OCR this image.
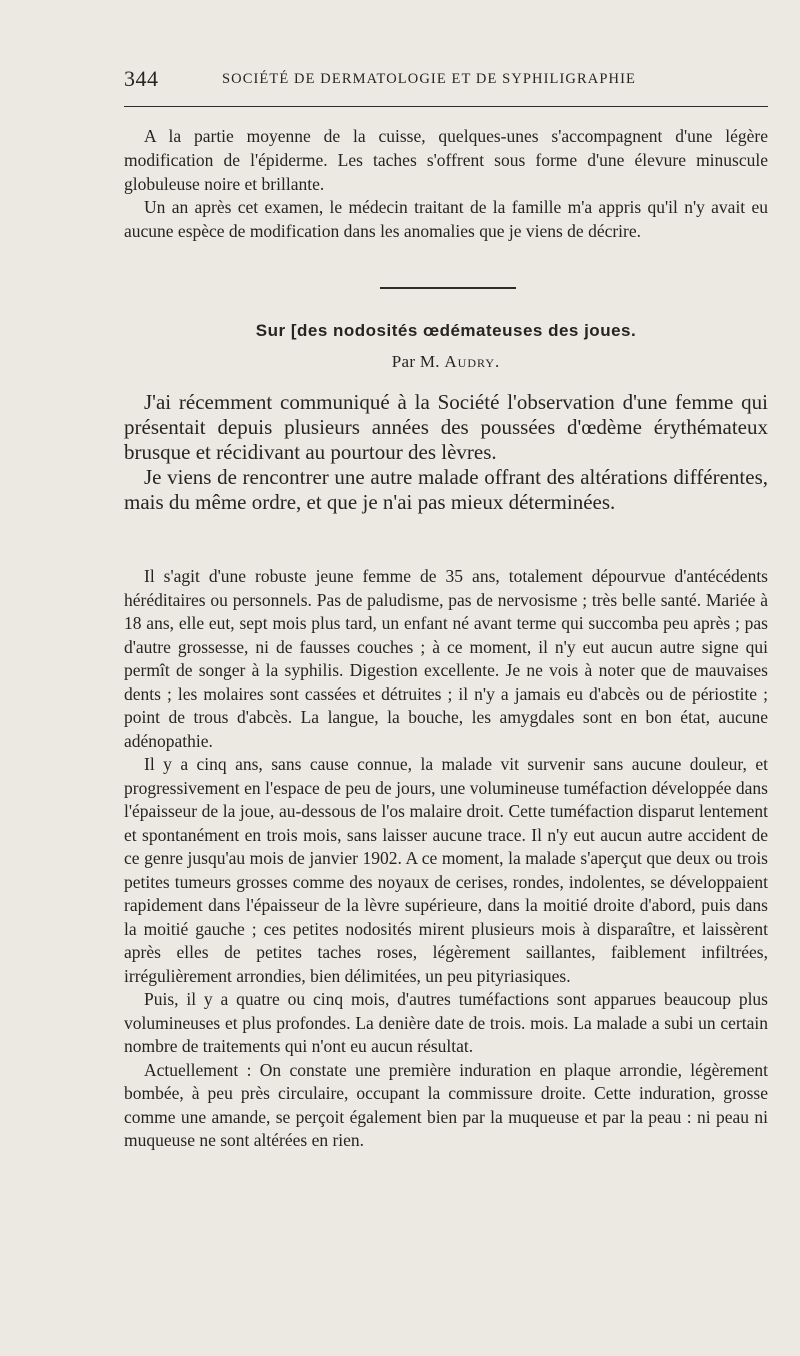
344	SOCIÉTÉ DE DERMATOLOGIE ET DE SYPHILIGRAPHIE

A la partie moyenne de la cuisse, quelques-unes s'accompagnent d'une légère modification de l'épiderme. Les taches s'offrent sous forme d'une élevure minuscule globuleuse noire et brillante.

Un an après cet examen, le médecin traitant de la famille m'a appris qu'il n'y avait eu aucune espèce de modification dans les anomalies que je viens de décrire.

Sur [des nodosités œdémateuses des joues.
Par M. Audry.

J'ai récemment communiqué à la Société l'observation d'une femme qui présentait depuis plusieurs années des poussées d'œdème érythémateux brusque et récidivant au pourtour des lèvres.

Je viens de rencontrer une autre malade offrant des altérations différentes, mais du même ordre, et que je n'ai pas mieux déterminées.

Il s'agit d'une robuste jeune femme de 35 ans, totalement dépourvue d'antécédents héréditaires ou personnels. Pas de paludisme, pas de nervosisme ; très belle santé. Mariée à 18 ans, elle eut, sept mois plus tard, un enfant né avant terme qui succomba peu après ; pas d'autre grossesse, ni de fausses couches ; à ce moment, il n'y eut aucun autre signe qui permît de songer à la syphilis. Digestion excellente. Je ne vois à noter que de mauvaises dents ; les molaires sont cassées et détruites ; il n'y a jamais eu d'abcès ou de périostite ; point de trous d'abcès. La langue, la bouche, les amygdales sont en bon état, aucune adénopathie.

Il y a cinq ans, sans cause connue, la malade vit survenir sans aucune douleur, et progressivement en l'espace de peu de jours, une volumineuse tuméfaction développée dans l'épaisseur de la joue, au-dessous de l'os malaire droit. Cette tuméfaction disparut lentement et spontanément en trois mois, sans laisser aucune trace. Il n'y eut aucun autre accident de ce genre jusqu'au mois de janvier 1902. A ce moment, la malade s'aperçut que deux ou trois petites tumeurs grosses comme des noyaux de cerises, rondes, indolentes, se développaient rapidement dans l'épaisseur de la lèvre supérieure, dans la moitié droite d'abord, puis dans la moitié gauche ; ces petites nodosités mirent plusieurs mois à disparaître, et laissèrent après elles de petites taches roses, légèrement saillantes, faiblement infiltrées, irrégulièrement arrondies, bien délimitées, un peu pityriasiques.

Puis, il y a quatre ou cinq mois, d'autres tuméfactions sont apparues beaucoup plus volumineuses et plus profondes. La denière date de trois. mois. La malade a subi un certain nombre de traitements qui n'ont eu aucun résultat.

Actuellement : On constate une première induration en plaque arrondie, légèrement bombée, à peu près circulaire, occupant la commissure droite. Cette induration, grosse comme une amande, se perçoit également bien par la muqueuse et par la peau : ni peau ni muqueuse ne sont altérées en rien.
